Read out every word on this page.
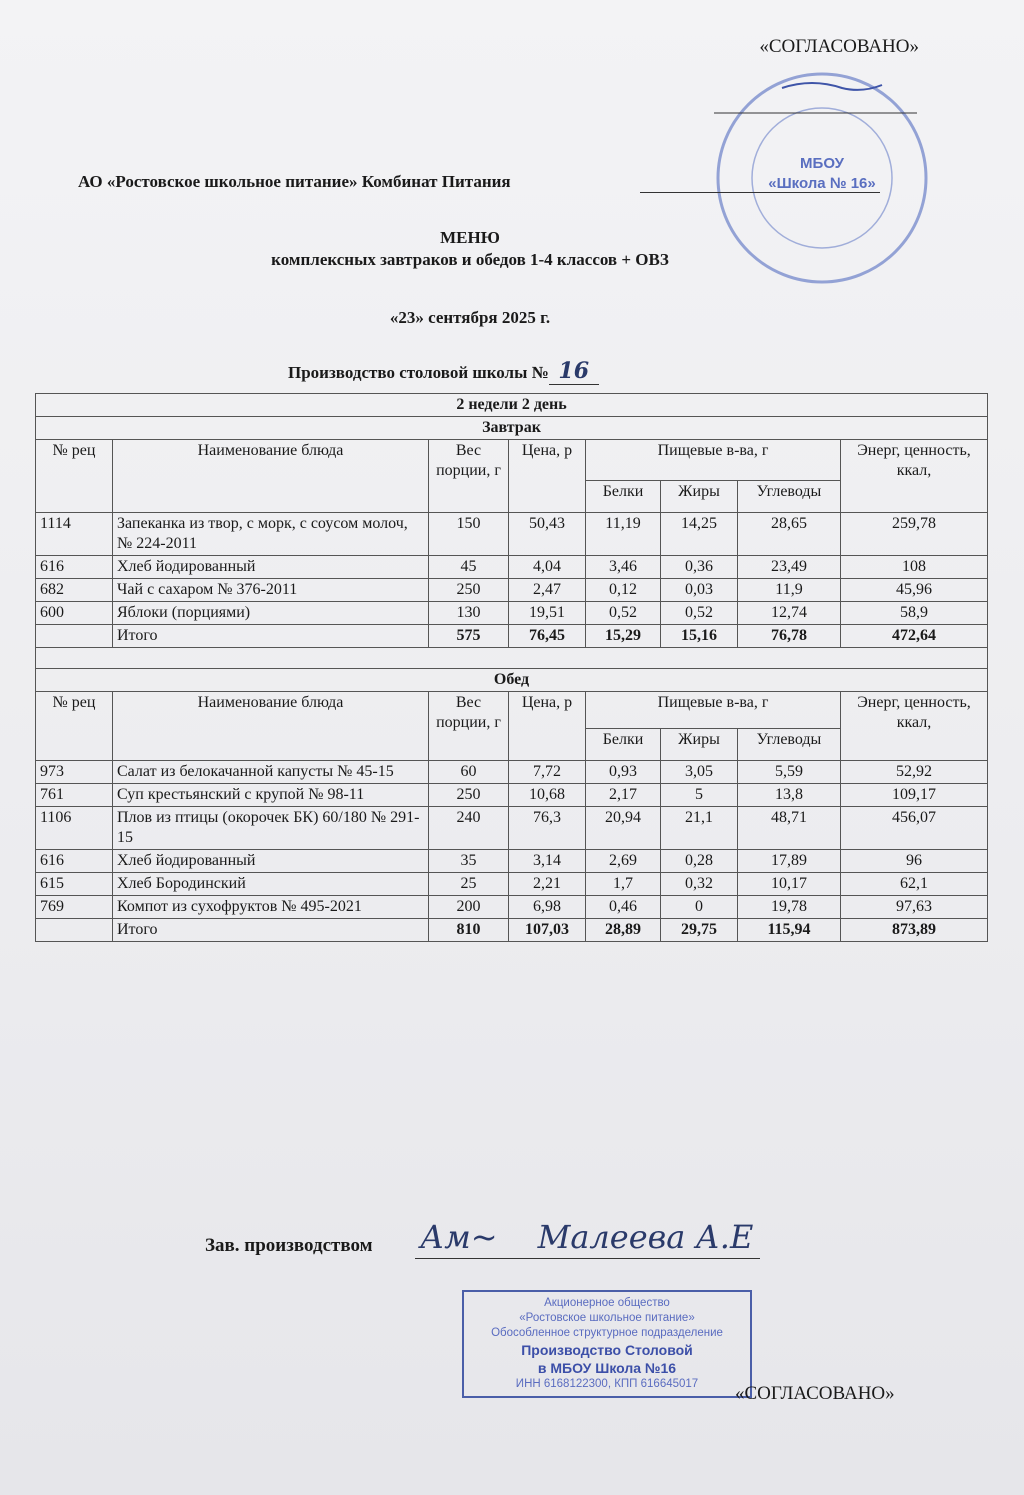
«СОГЛАСОВАНО»
МБОУ
«Школа № 16»
АО «Ростовское школьное питание» Комбинат Питания
МЕНЮ
комплексных завтраков и обедов 1-4 классов + ОВЗ
«23» сентября 2025 г.
Производство столовой школы № 16
2 недели 2 день							
Завтрак							
№ рец	Наименование блюда	Вес порции, г	Цена, р	Пищевые в-ва, г			Энерг, ценность, ккал,
				Белки	Жиры	Углеводы	
1114	Запеканка из твор, с морк, с соусом молоч, № 224-2011	150	50,43	11,19	14,25	28,65	259,78
616	Хлеб йодированный	45	4,04	3,46	0,36	23,49	108
682	Чай с сахаром № 376-2011	250	2,47	0,12	0,03	11,9	45,96
600	Яблоки (порциями)	130	19,51	0,52	0,52	12,74	58,9
	Итого	575	76,45	15,29	15,16	76,78	472,64

Обед							
№ рец	Наименование блюда	Вес порции, г	Цена, р	Пищевые в-ва, г			Энерг, ценность, ккал,
				Белки	Жиры	Углеводы	
973	Салат из белокачанной капусты № 45-15	60	7,72	0,93	3,05	5,59	52,92
761	Суп крестьянский с крупой № 98-11	250	10,68	2,17	5	13,8	109,17
1106	Плов из птицы (окорочек БК) 60/180 № 291-15	240	76,3	20,94	21,1	48,71	456,07
616	Хлеб йодированный	35	3,14	2,69	0,28	17,89	96
615	Хлеб Бородинский	25	2,21	1,7	0,32	10,17	62,1
769	Компот из сухофруктов № 495-2021	200	6,98	0,46	0	19,78	97,63
	Итого	810	107,03	28,89	29,75	115,94	873,89
Зав. производством Ам~ Малеева А.Е
Акционерное общество
«Ростовское школьное питание»
Обособленное структурное подразделение
Производство Столовой
в МБОУ Школа №16
ИНН 6168122300, КПП 616645017	«СОГЛАСОВАНО»
